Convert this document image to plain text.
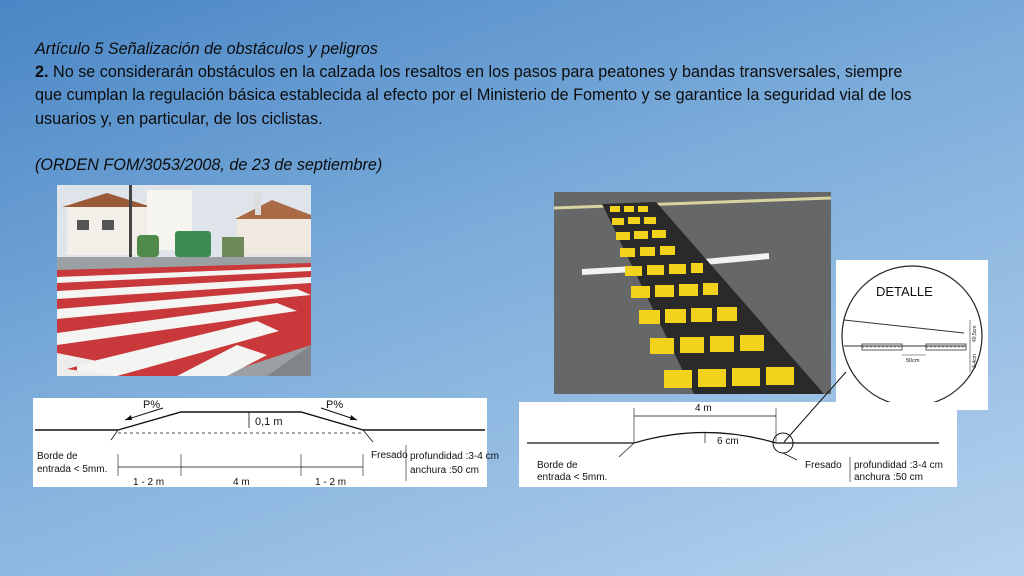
Artículo 5 Señalización de obstáculos y peligros

2. No se considerarán obstáculos en la calzada los resaltos en los pasos para peatones y bandas transversales, siempre que cumplan la regulación básica establecida al efecto por el Ministerio de Fomento y se garantice la seguridad vial de los usuarios y, en particular, de los ciclistas.

(ORDEN FOM/3053/2008, de 23 de septiembre)

DETALLE
50cm
40,5cm
3-4cm
P%	P%
0,1 m
Borde de
entrada < 5mm.
Fresado profundidad :3-4 cm
anchura :50 cm
1 - 2 m	4 m	1 - 2 m
4 m
6 cm
Borde de
entrada < 5mm.
Fresado profundidad :3-4 cm
anchura :50 cm
